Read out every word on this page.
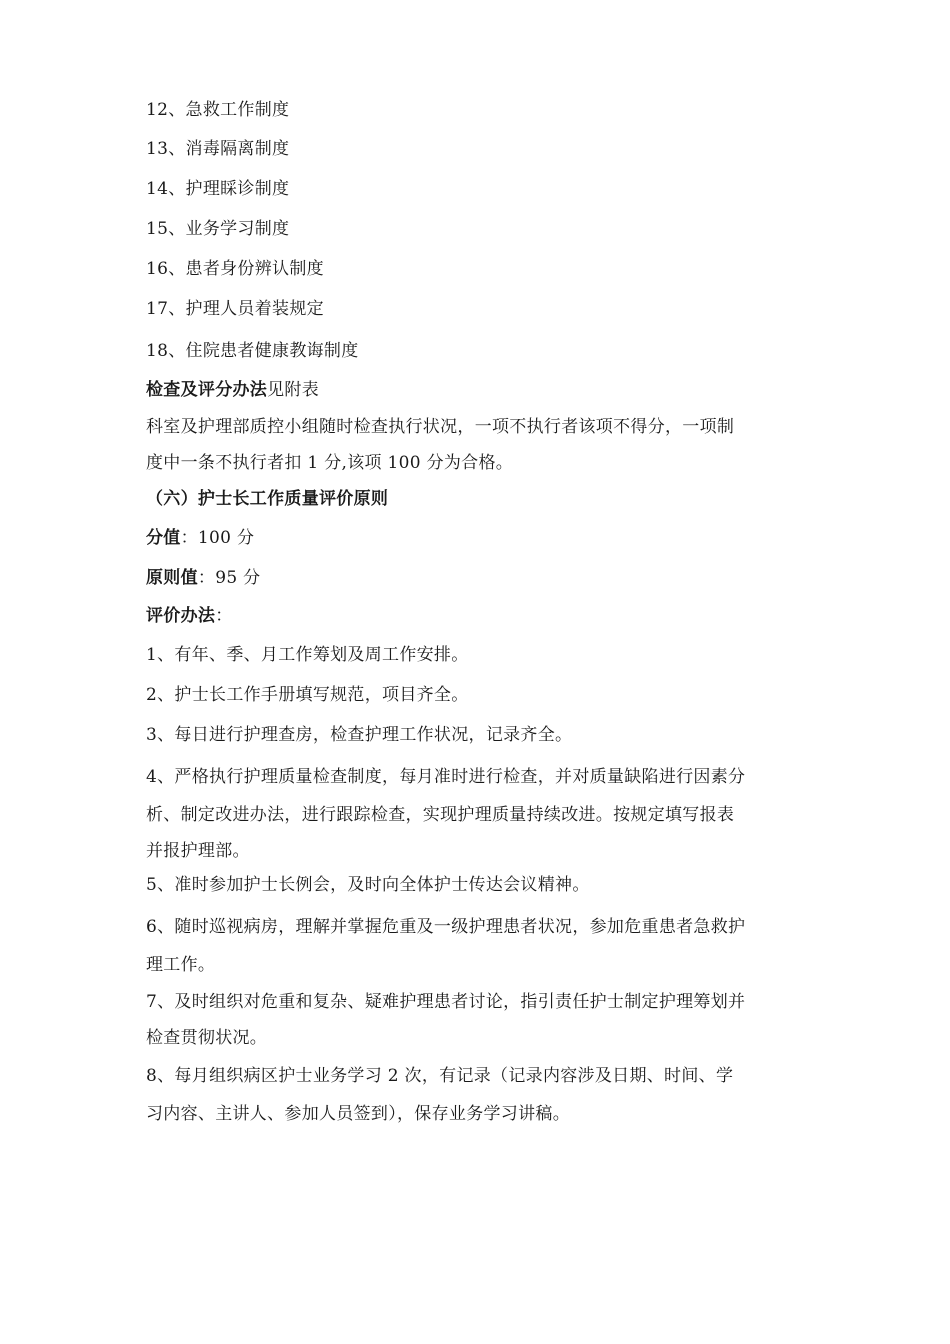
12、急救工作制度
13、消毒隔离制度
14、护理睬诊制度
15、业务学习制度
16、患者身份辨认制度
17、护理人员着装规定
18、住院患者健康教诲制度
检查及评分办法见附表
科室及护理部质控小组随时检查执行状况，一项不执行者该项不得分，一项制
度中一条不执行者扣 1 分,该项 100 分为合格。
（六）护士长工作质量评价原则
分值：100 分
原则值：95 分
评价办法：
1、有年、季、月工作筹划及周工作安排。
2、护士长工作手册填写规范，项目齐全。
3、每日进行护理查房，检查护理工作状况，记录齐全。
4、严格执行护理质量检查制度，每月准时进行检查，并对质量缺陷进行因素分
析、制定改进办法，进行跟踪检查，实现护理质量持续改进。按规定填写报表
并报护理部。
5、准时参加护士长例会，及时向全体护士传达会议精神。
6、随时巡视病房，理解并掌握危重及一级护理患者状况，参加危重患者急救护
理工作。
7、及时组织对危重和复杂、疑难护理患者讨论，指引责任护士制定护理筹划并
检查贯彻状况。
8、每月组织病区护士业务学习 2 次，有记录（记录内容涉及日期、时间、学
习内容、主讲人、参加人员签到），保存业务学习讲稿。
